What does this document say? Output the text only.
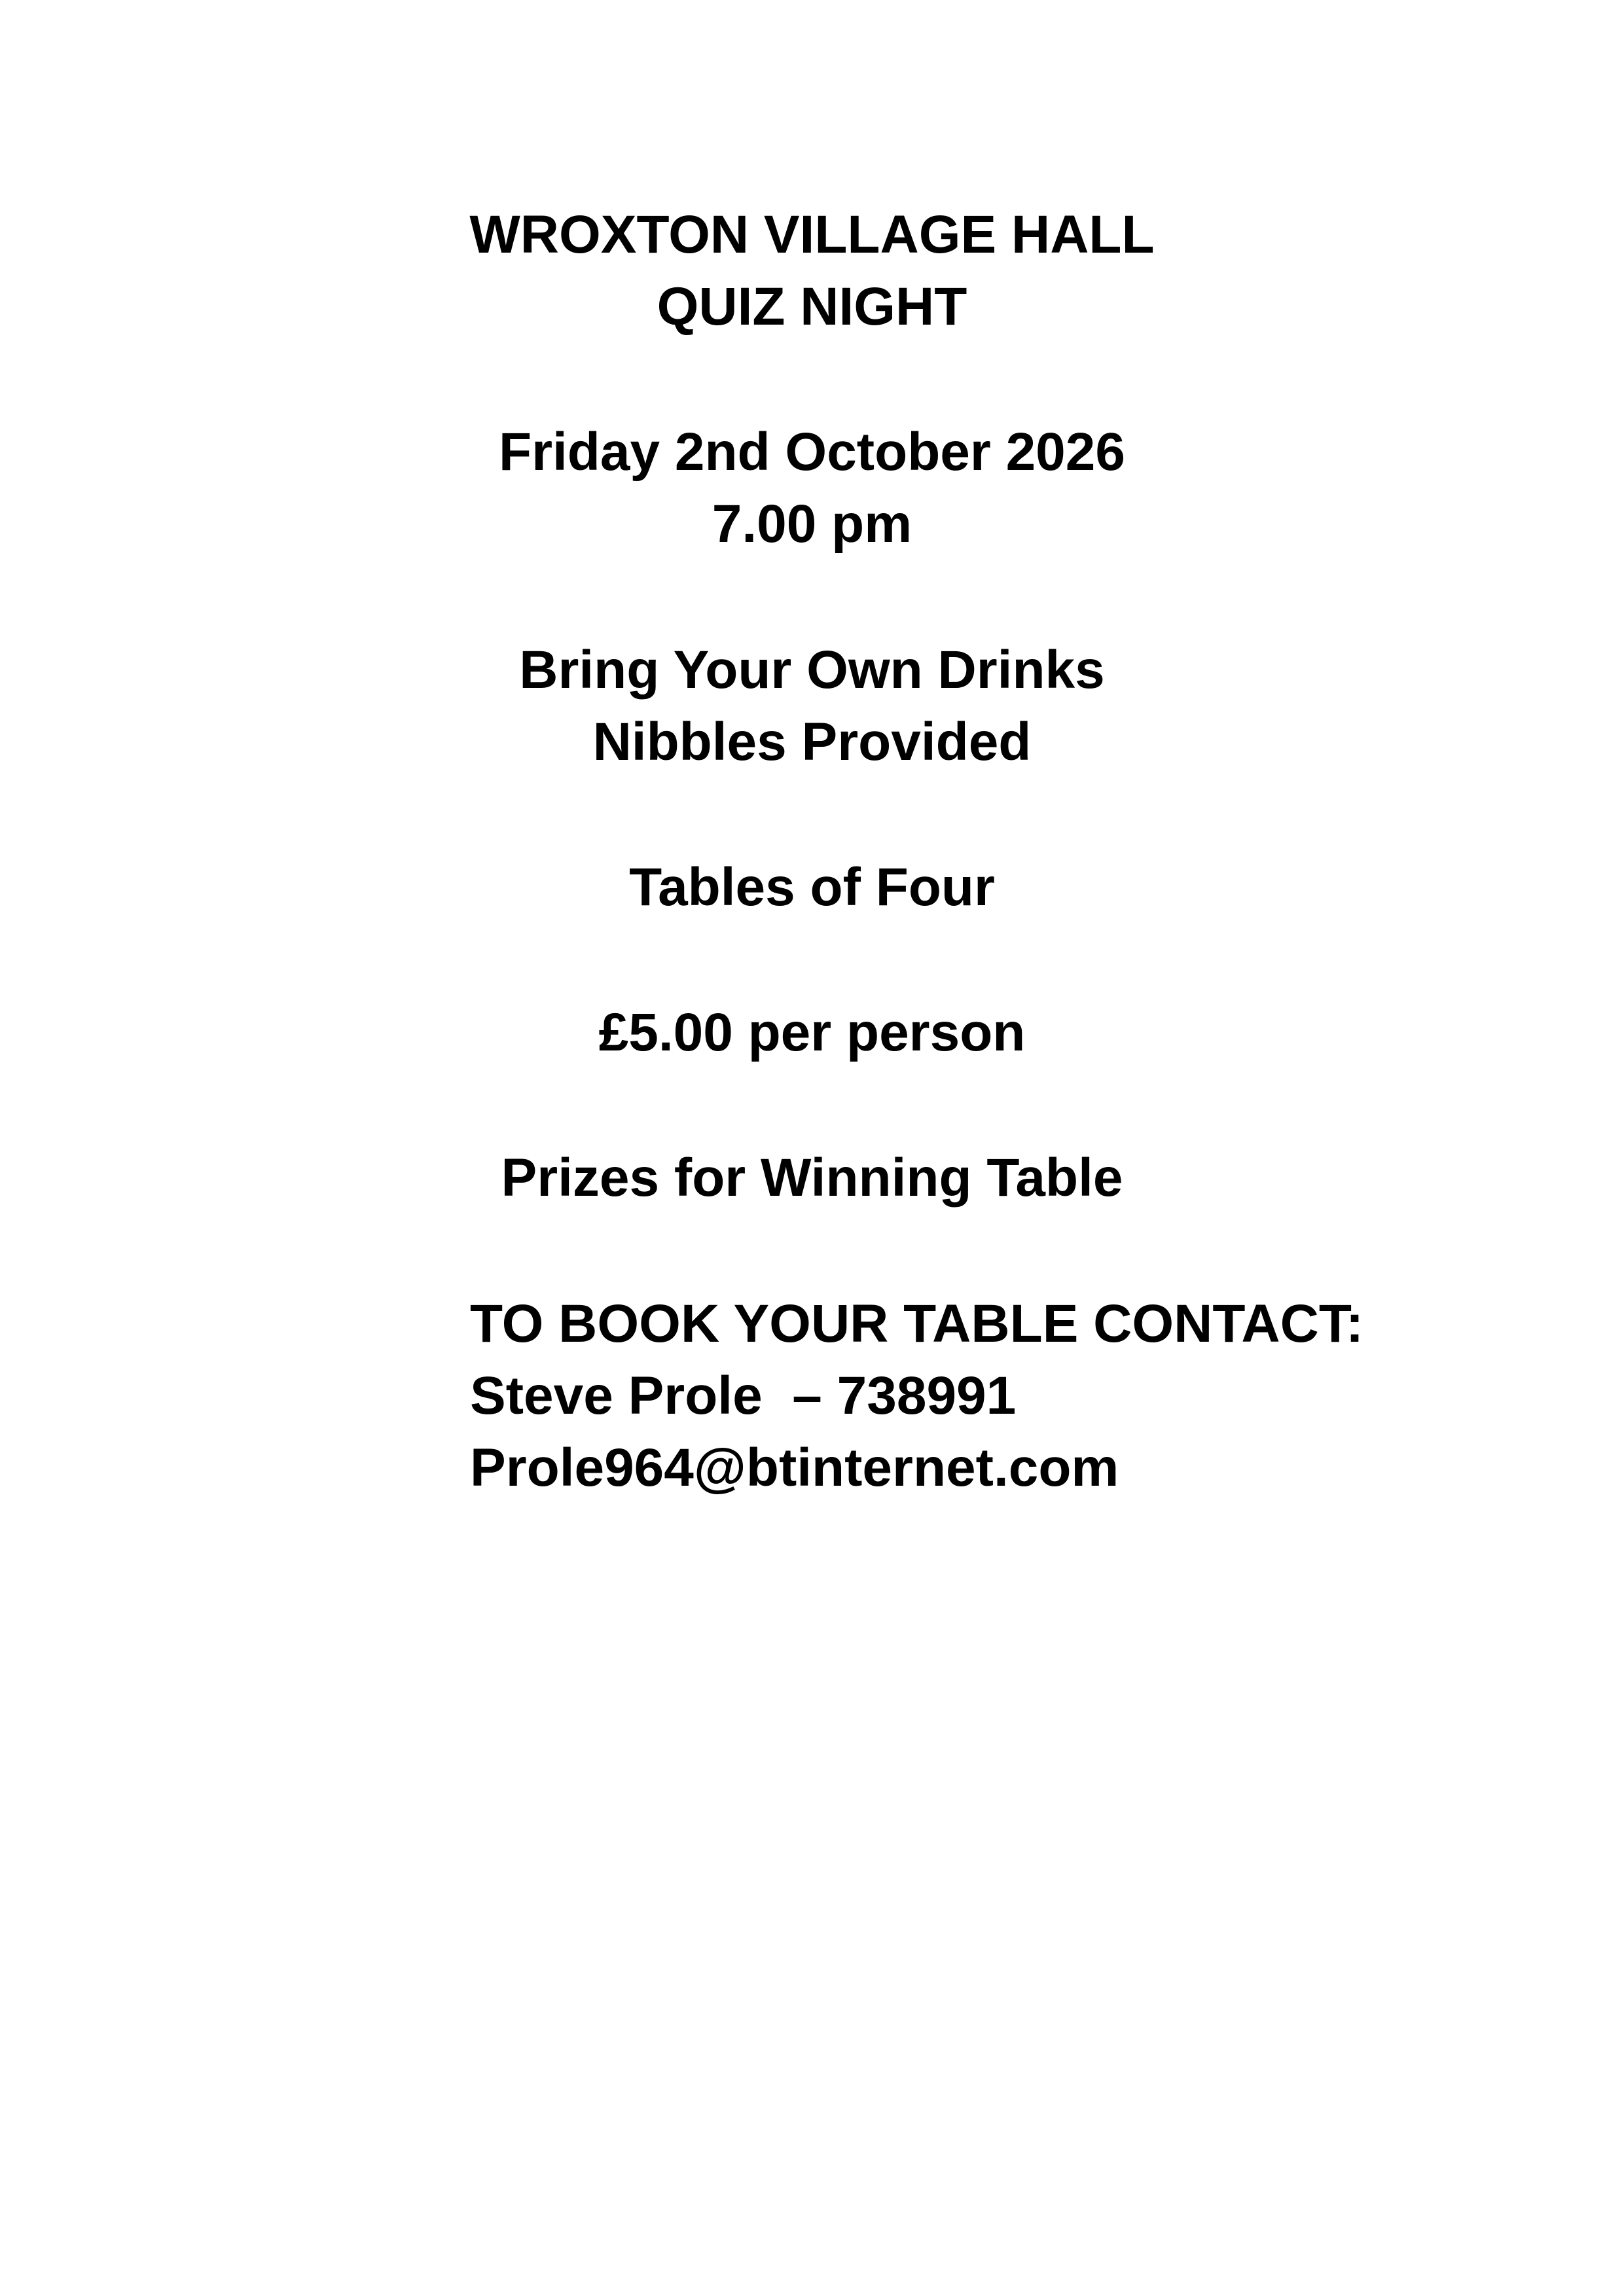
WROXTON VILLAGE HALL
QUIZ NIGHT

Friday 2nd October 2026

7.00 pm

Bring Your Own Drinks

Nibbles Provided

Tables of Four

£5.00 per person

Prizes for Winning Table

TO BOOK YOUR TABLE CONTACT:

Steve Prole  – 738991

Prole964@btinternet.com
